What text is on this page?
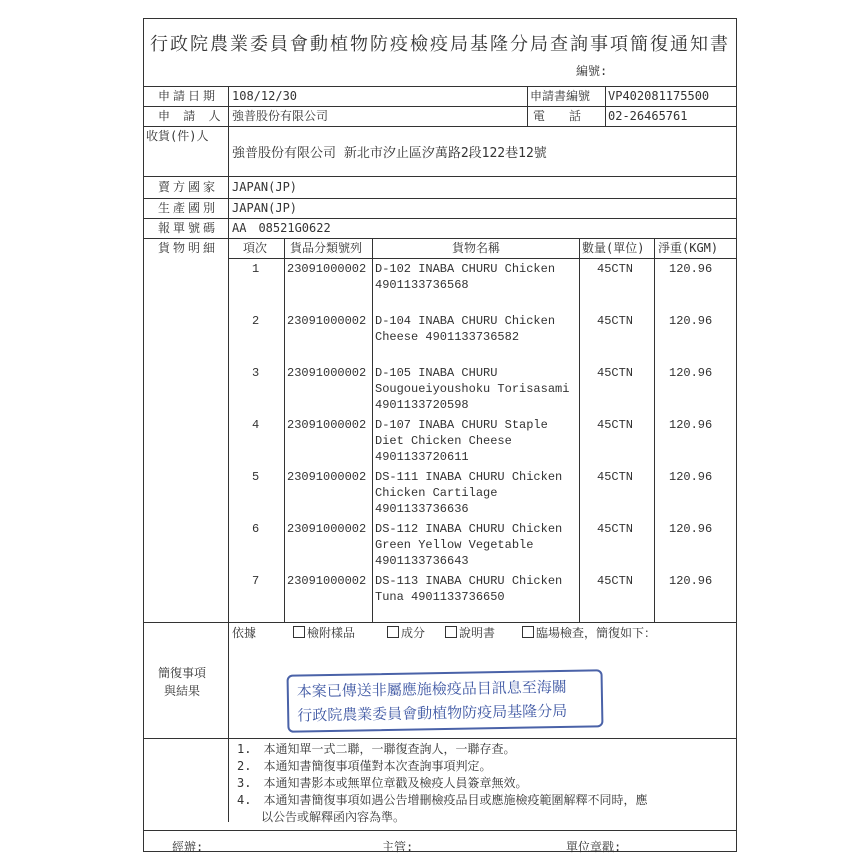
行政院農業委員會動植物防疫檢疫局基隆分局查詢事項簡復通知書
編號:
申請日期 108/12/30	申請書編號 VP402081175500
申 請 人 強普股份有限公司	電　　話 02-26465761
收貨(件)人
強普股份有限公司 新北市汐止區汐萬路2段122巷12號
賣方國家 JAPAN(JP)
生產國別 JAPAN(JP)
報單號碼 AA　08521G0622
貨物明細 項次 貨品分類號列	貨物名稱	數量(單位) 淨重(KGM)
1 23091000002 D-102 INABA CHURU Chicken
4901133736568
45CTN	120.96
2 23091000002 D-104 INABA CHURU Chicken
Cheese 4901133736582
45CTN	120.96
3 23091000002 D-105 INABA CHURU
Sougoueiyoushoku Torisasami
4901133720598
45CTN	120.96
4 23091000002 D-107 INABA CHURU Staple
Diet Chicken Cheese
4901133720611
45CTN	120.96
5 23091000002 DS-111 INABA CHURU Chicken
Chicken Cartilage
4901133736636
45CTN	120.96
6 23091000002 DS-112 INABA CHURU Chicken
Green Yellow Vegetable
4901133736643
45CTN	120.96
7 23091000002 DS-113 INABA CHURU Chicken
Tuna 4901133736650
45CTN	120.96
簡復事項
與結果
依據	檢附樣品	成分	說明書	臨場檢查，簡復如下：
本案已傳送非屬應施檢疫品目訊息至海關
行政院農業委員會動植物防疫局基隆分局
1.　本通知單一式二聯，一聯復查詢人，一聯存查。
2.　本通知書簡復事項僅對本次查詢事項判定。
3.　本通知書影本或無單位章戳及檢疫人員簽章無效。
4.　本通知書簡復事項如遇公告增刪檢疫品目或應施檢疫範圍解釋不同時，應
　　以公告或解釋函內容為準。
經辦:	主管:	單位章戳:
